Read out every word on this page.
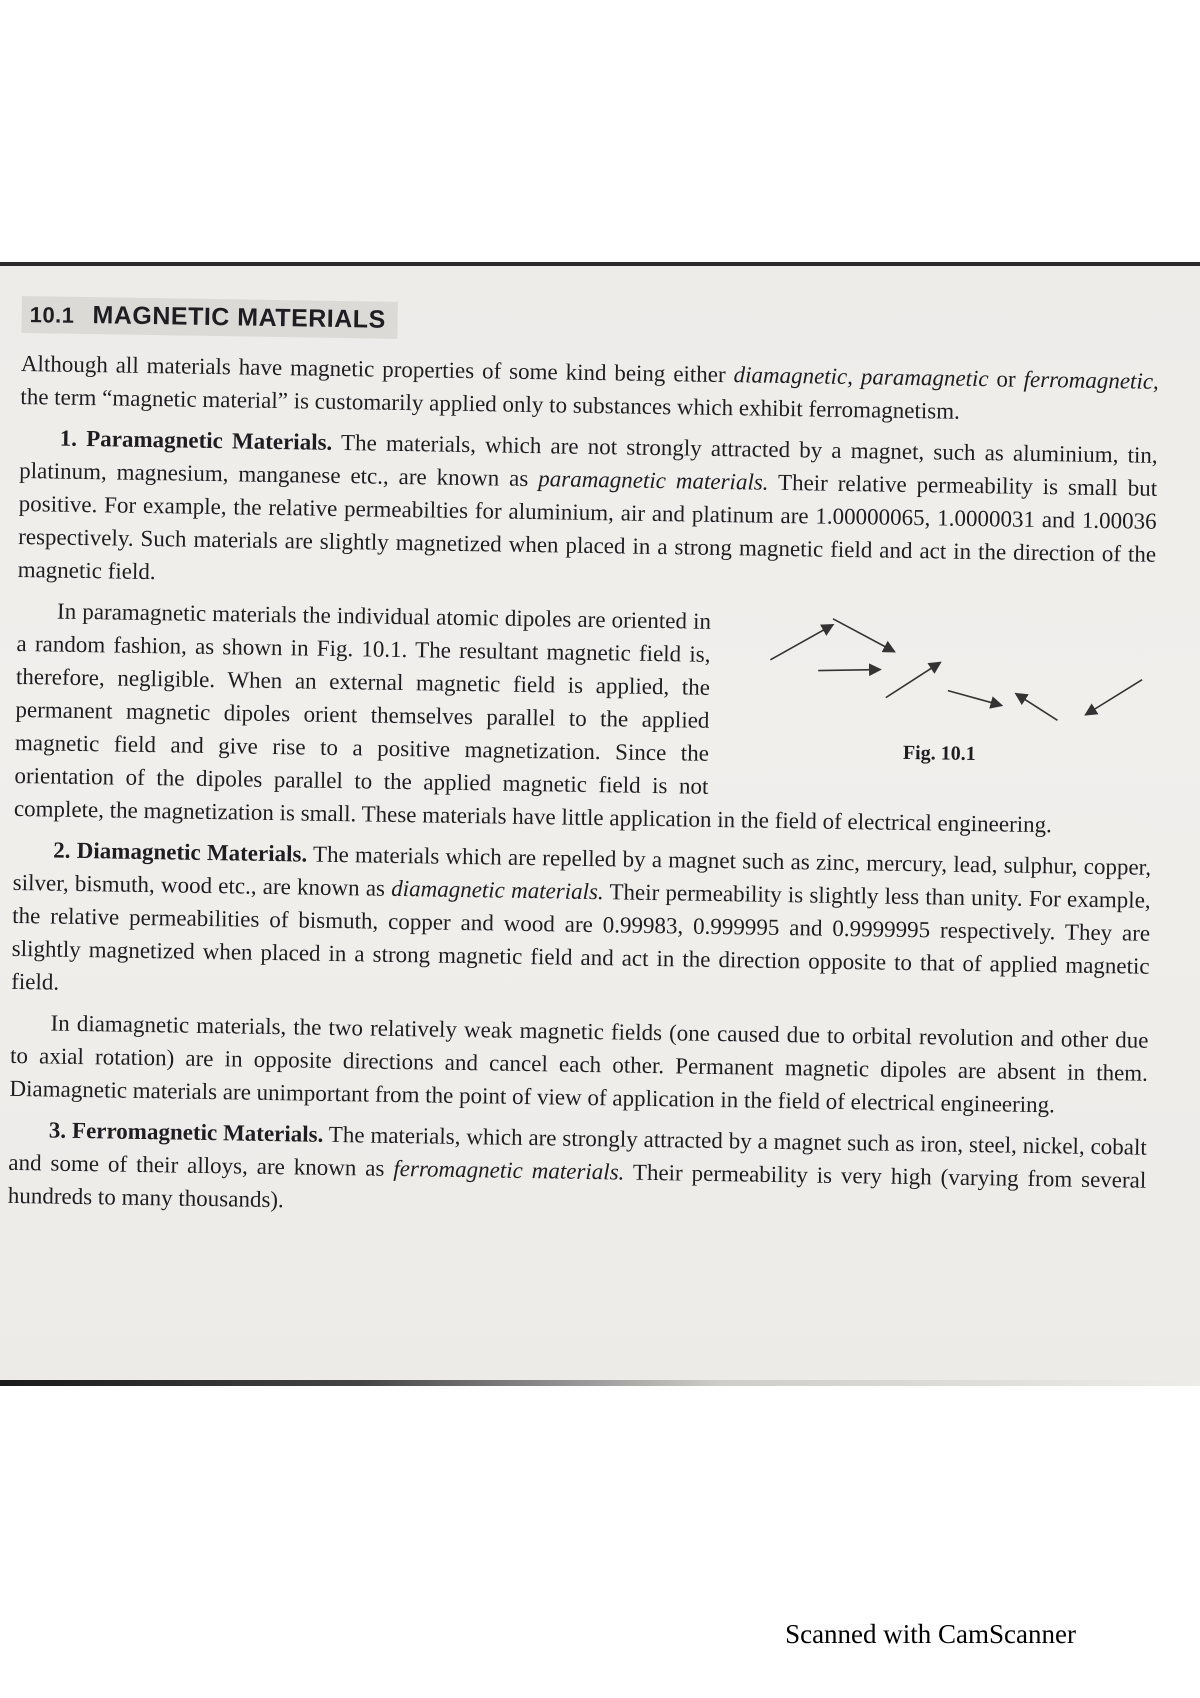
10.1 MAGNETIC MATERIALS

Although all materials have magnetic properties of some kind being either diamagnetic, paramagnetic or ferromagnetic, the term “magnetic material” is customarily applied only to substances which exhibit ferromagnetism.

1. Paramagnetic Materials. The materials, which are not strongly attracted by a magnet, such as aluminium, tin, platinum, magnesium, manganese etc., are known as paramagnetic materials. Their relative permeability is small but positive. For example, the relative permeabilties for aluminium, air and platinum are 1.00000065, 1.0000031 and 1.00036 respectively. Such materials are slightly magnetized when placed in a strong magnetic field and act in the direction of the magnetic field.

Fig. 10.1

In paramagnetic materials the individual atomic dipoles are oriented in a random fashion, as shown in Fig. 10.1. The resultant magnetic field is, therefore, negligible. When an external magnetic field is applied, the permanent magnetic dipoles orient themselves parallel to the applied magnetic field and give rise to a positive magnetization. Since the orientation of the dipoles parallel to the applied magnetic field is not complete, the magnetization is small. These materials have little application in the field of electrical engineering.

2. Diamagnetic Materials. The materials which are repelled by a magnet such as zinc, mercury, lead, sulphur, copper, silver, bismuth, wood etc., are known as diamagnetic materials. Their permeability is slightly less than unity. For example, the relative permeabilities of bismuth, copper and wood are 0.99983, 0.999995 and 0.9999995 respectively. They are slightly magnetized when placed in a strong magnetic field and act in the direction opposite to that of applied magnetic field.

In diamagnetic materials, the two relatively weak magnetic fields (one caused due to orbital revolution and other due to axial rotation) are in opposite directions and cancel each other. Permanent magnetic dipoles are absent in them. Diamagnetic materials are unimportant from the point of view of application in the field of electrical engineering.

3. Ferromagnetic Materials. The materials, which are strongly attracted by a magnet such as iron, steel, nickel, cobalt and some of their alloys, are known as ferromagnetic materials. Their permeability is very high (varying from several hundreds to many thousands).

Scanned with CamScanner
